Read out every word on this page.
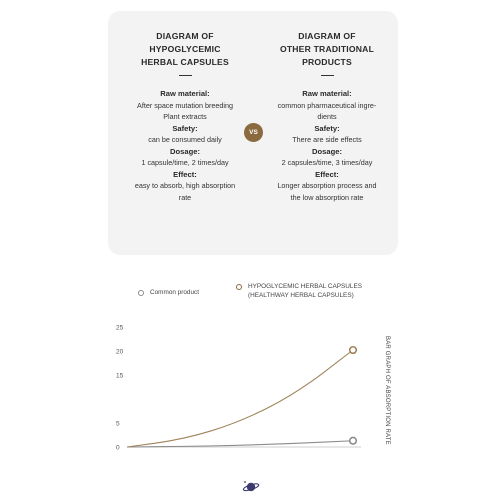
DIAGRAM OF
HYPOGLYCEMIC
HERBAL CAPSULES
Raw material:
After space mutation breeding
Plant extracts
Safety:
can be consumed daily
Dosage:
1 capsule/time, 2 times/day
Effect:
easy to absorb, high absorption
rate
DIAGRAM OF
OTHER TRADITIONAL
PRODUCTS
Raw material:
common pharmaceutical ingre-
dients
Safety:
There are side effects
Dosage:
2 capsules/time, 3 times/day
Effect:
Longer absorption process and
the low absorption rate
VS
Common product
HYPOGLYCEMIC HERBAL CAPSULES
(HEALTHWAY HERBAL CAPSULES)
0
5
15
20
25
BAR GRAPH OF ABSORPTION RATE
